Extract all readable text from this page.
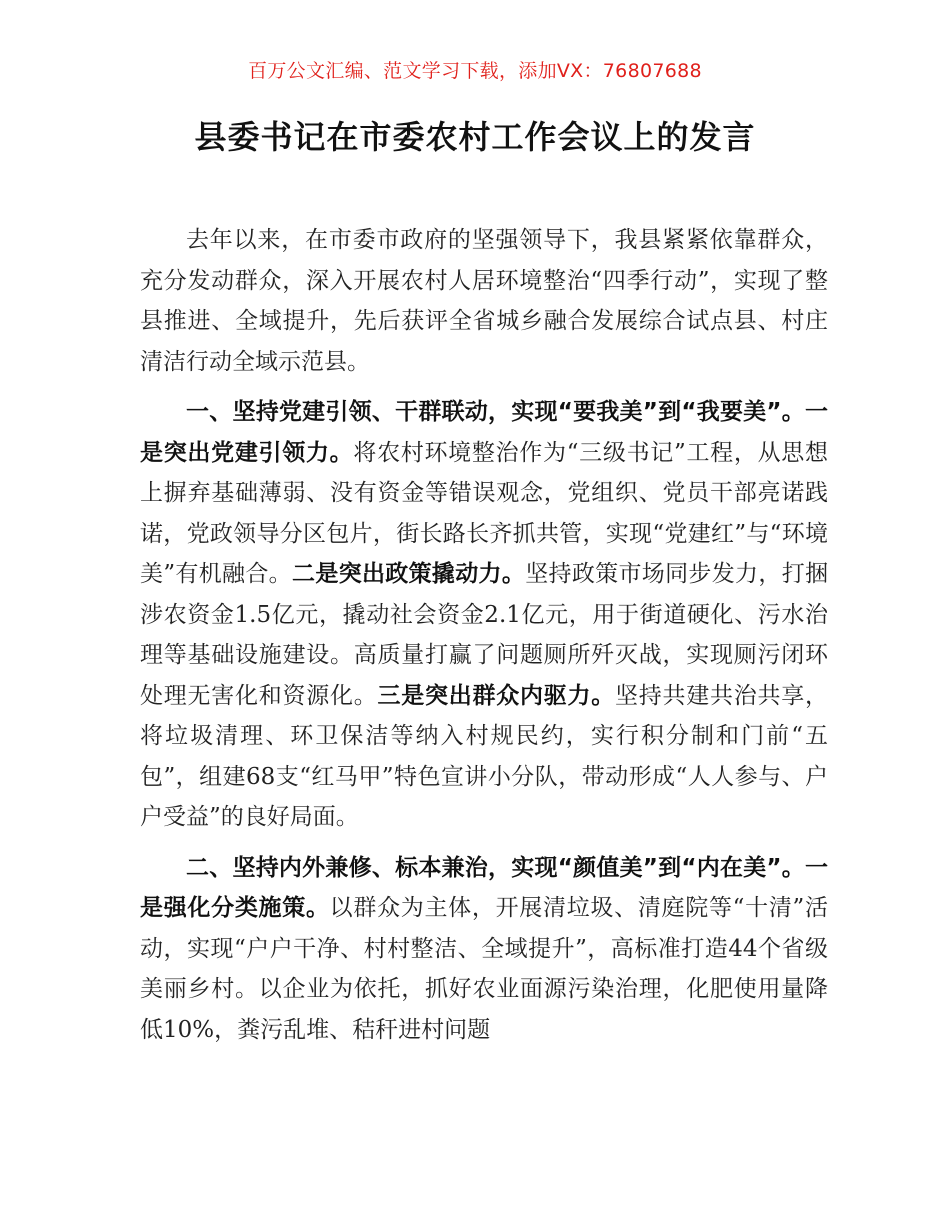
百万公文汇编、范文学习下载，添加VX：76807688
县委书记在市委农村工作会议上的发言

去年以来，在市委市政府的坚强领导下，我县紧紧依靠群众，充分发动群众，深入开展农村人居环境整治“四季行动”，实现了整县推进、全域提升，先后获评全省城乡融合发展综合试点县、村庄清洁行动全域示范县。

一、坚持党建引领、干群联动，实现“要我美”到“我要美”。一是突出党建引领力。将农村环境整治作为“三级书记”工程，从思想上摒弃基础薄弱、没有资金等错误观念，党组织、党员干部亮诺践诺，党政领导分区包片，街长路长齐抓共管，实现“党建红”与“环境美”有机融合。二是突出政策撬动力。坚持政策市场同步发力，打捆涉农资金1.5亿元，撬动社会资金2.1亿元，用于街道硬化、污水治理等基础设施建设。高质量打赢了问题厕所歼灭战，实现厕污闭环处理无害化和资源化。三是突出群众内驱力。坚持共建共治共享，将垃圾清理、环卫保洁等纳入村规民约，实行积分制和门前“五包”，组建68支“红马甲”特色宣讲小分队，带动形成“人人参与、户户受益”的良好局面。

二、坚持内外兼修、标本兼治，实现“颜值美”到“内在美”。一是强化分类施策。以群众为主体，开展清垃圾、清庭院等“十清”活动，实现“户户干净、村村整洁、全域提升”，高标准打造44个省级美丽乡村。以企业为依托，抓好农业面源污染治理，化肥使用量降低10%，粪污乱堆、秸秆进村问题
